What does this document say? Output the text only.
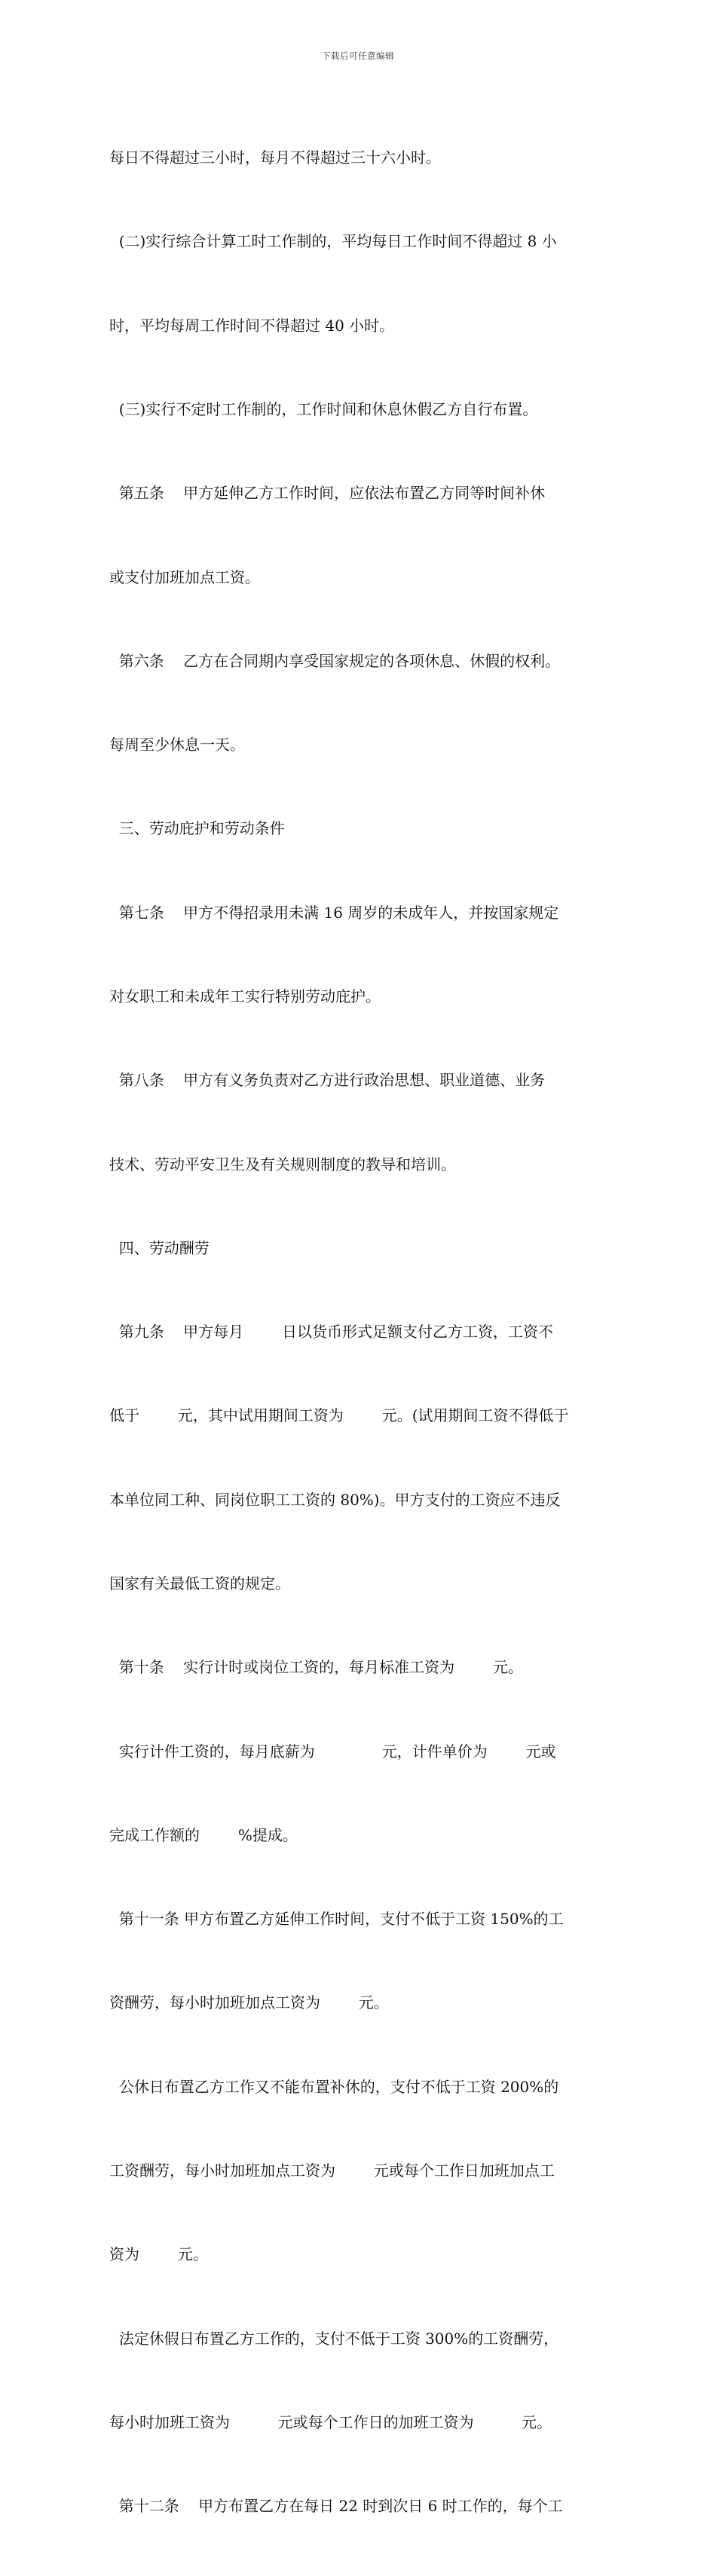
下载后可任意编辑

每日不得超过三小时，每月不得超过三十六小时。

(二)实行综合计算工时工作制的，平均每日工作时间不得超过 8 小

时，平均每周工作时间不得超过 40 小时。

(三)实行不定时工作制的，工作时间和休息休假乙方自行布置。

第五条    甲方延伸乙方工作时间，应依法布置乙方同等时间补休

或支付加班加点工资。

第六条    乙方在合同期内享受国家规定的各项休息、休假的权利。

每周至少休息一天。

三、劳动庇护和劳动条件

第七条    甲方不得招录用未满 16 周岁的未成年人，并按国家规定

对女职工和未成年工实行特别劳动庇护。

第八条    甲方有义务负责对乙方进行政治思想、职业道德、业务

技术、劳动平安卫生及有关规则制度的教导和培训。

四、劳动酬劳

第九条    甲方每月        日以货币形式足额支付乙方工资，工资不

低于        元，其中试用期间工资为        元。(试用期间工资不得低于

本单位同工种、同岗位职工工资的 80%)。甲方支付的工资应不违反

国家有关最低工资的规定。

第十条    实行计时或岗位工资的，每月标准工资为        元。

实行计件工资的，每月底薪为              元，计件单价为        元或

完成工作额的        %提成。

第十一条 甲方布置乙方延伸工作时间，支付不低于工资 150%的工

资酬劳，每小时加班加点工资为        元。

公休日布置乙方工作又不能布置补休的，支付不低于工资 200%的

工资酬劳，每小时加班加点工资为        元或每个工作日加班加点工

资为        元。

法定休假日布置乙方工作的，支付不低于工资 300%的工资酬劳，

每小时加班工资为          元或每个工作日的加班工资为          元。

第十二条    甲方布置乙方在每日 22 时到次日 6 时工作的，每个工
